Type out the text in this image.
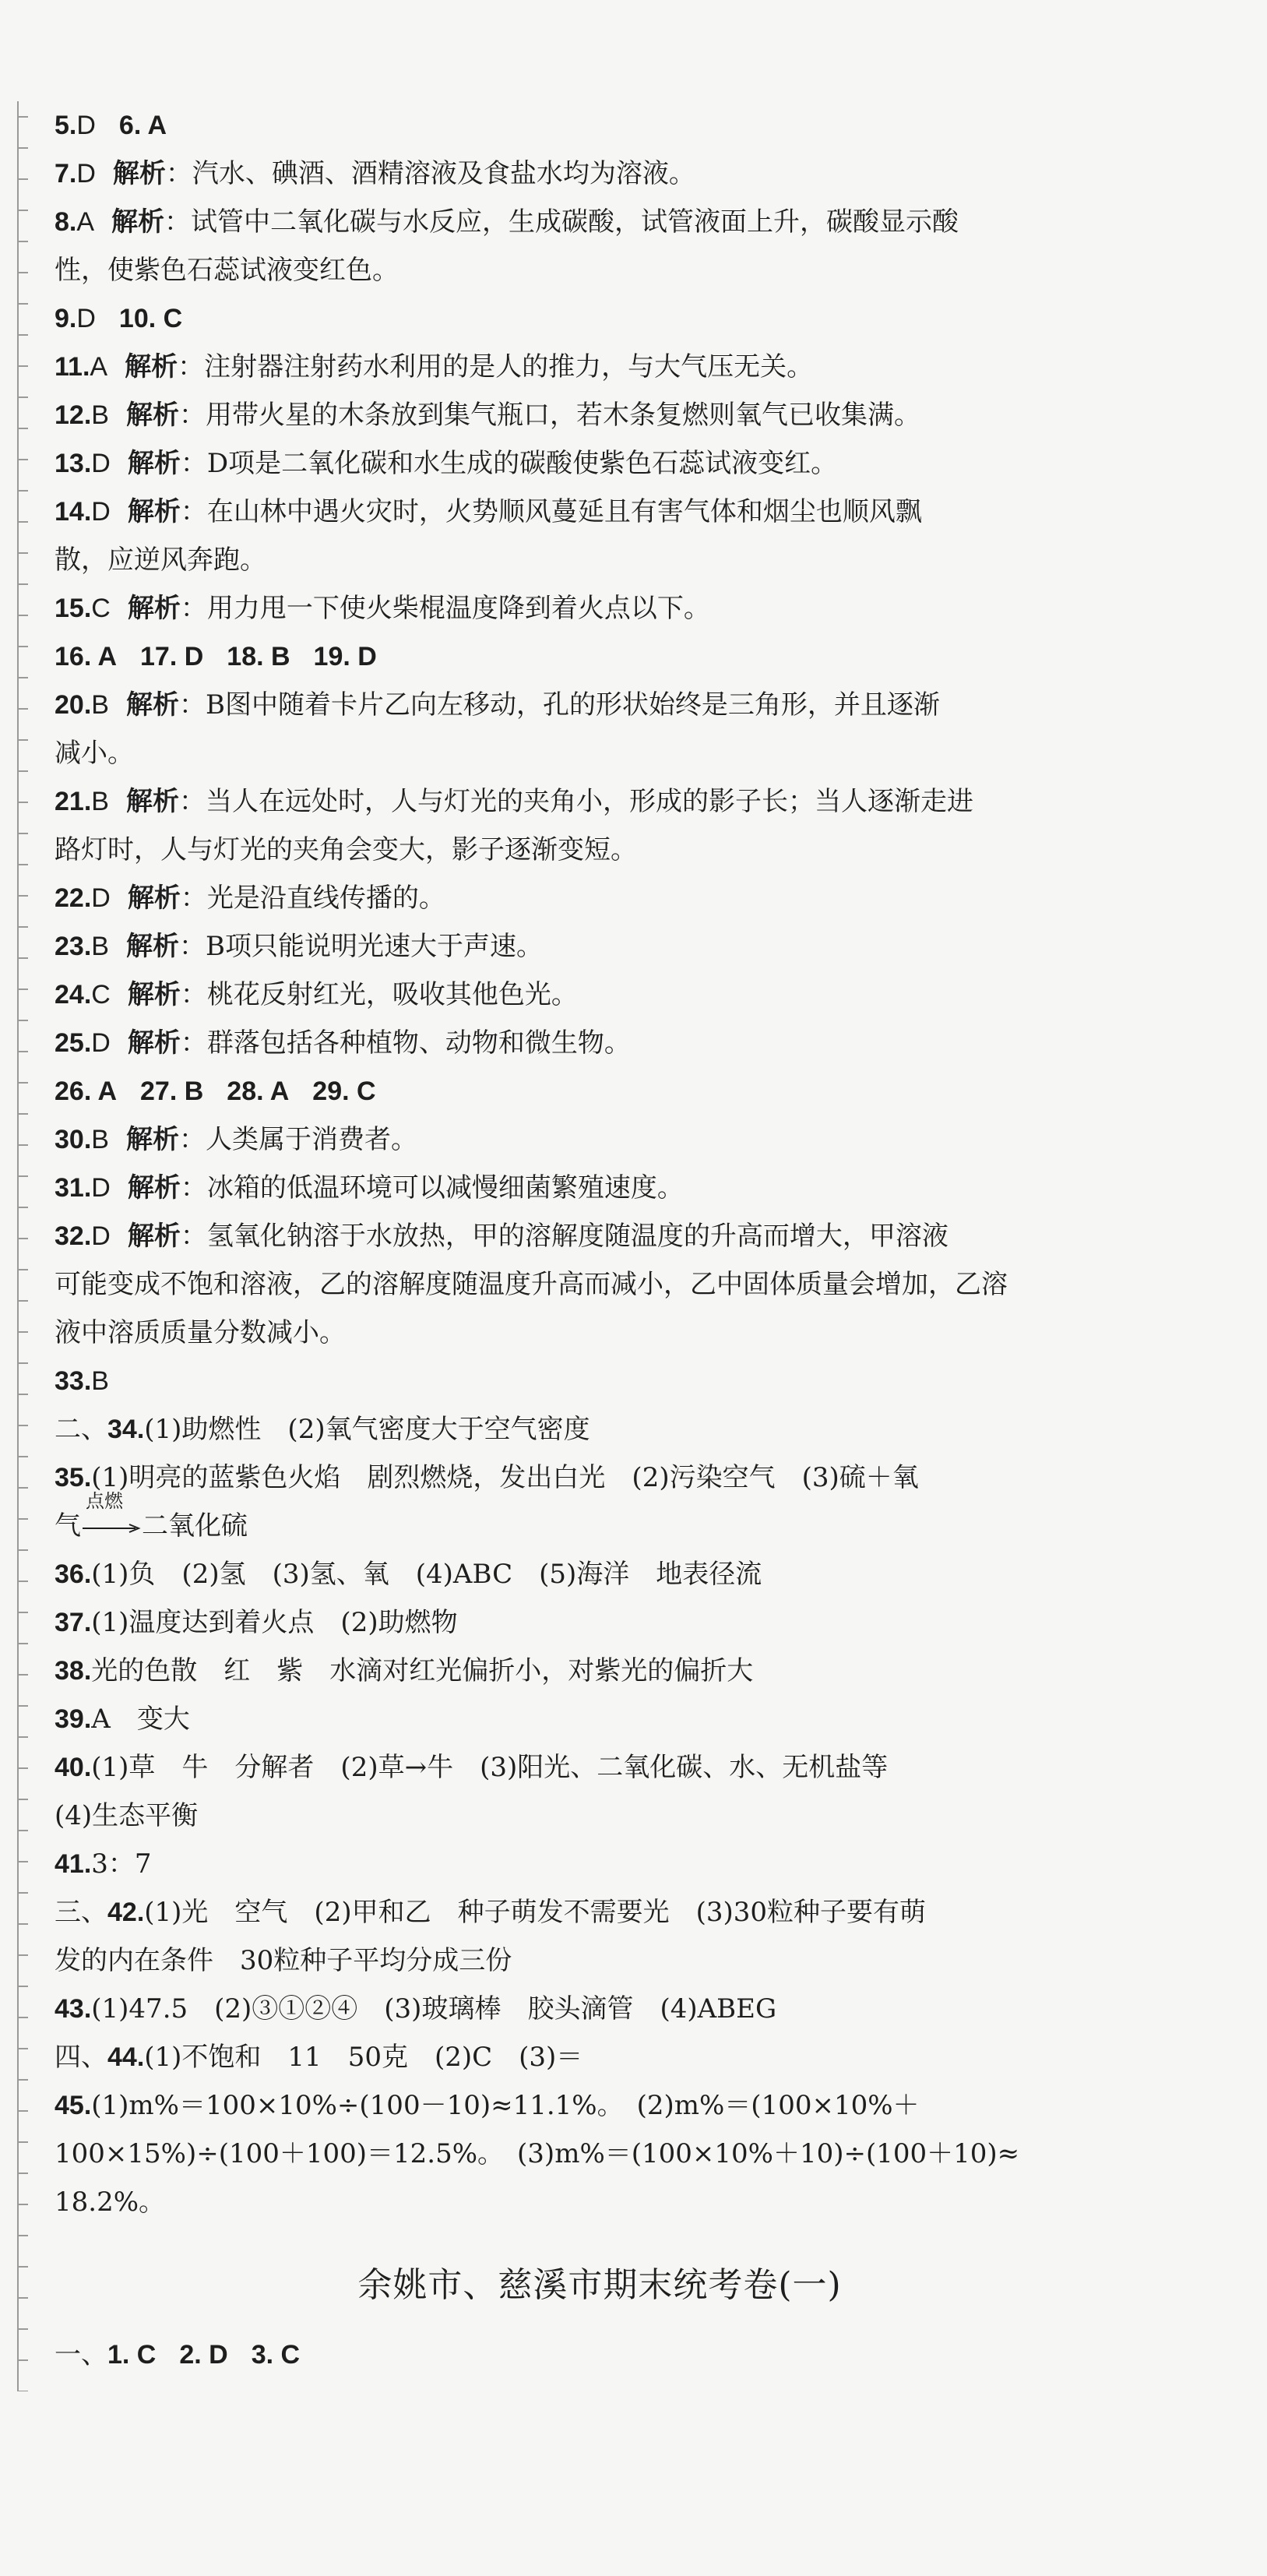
5.D 6. A
7.D 解析：汽水、碘酒、酒精溶液及食盐水均为溶液。
8.A 解析：试管中二氧化碳与水反应，生成碳酸，试管液面上升，碳酸显示酸
性，使紫色石蕊试液变红色。
9.D 10. C
11.A 解析：注射器注射药水利用的是人的推力，与大气压无关。
12.B 解析：用带火星的木条放到集气瓶口，若木条复燃则氧气已收集满。
13.D 解析：D项是二氧化碳和水生成的碳酸使紫色石蕊试液变红。
14.D 解析：在山林中遇火灾时，火势顺风蔓延且有害气体和烟尘也顺风飘
散，应逆风奔跑。
15.C 解析：用力甩一下使火柴棍温度降到着火点以下。
16. A 17. D 18. B 19. D
20.B 解析：B图中随着卡片乙向左移动，孔的形状始终是三角形，并且逐渐
减小。
21.B 解析：当人在远处时，人与灯光的夹角小，形成的影子长；当人逐渐走进
路灯时，人与灯光的夹角会变大，影子逐渐变短。
22.D 解析：光是沿直线传播的。
23.B 解析：B项只能说明光速大于声速。
24.C 解析：桃花反射红光，吸收其他色光。
25.D 解析：群落包括各种植物、动物和微生物。
26. A 27. B 28. A 29. C
30.B 解析：人类属于消费者。
31.D 解析：冰箱的低温环境可以减慢细菌繁殖速度。
32.D 解析：氢氧化钠溶于水放热，甲的溶解度随温度的升高而增大，甲溶液
可能变成不饱和溶液，乙的溶解度随温度升高而减小，乙中固体质量会增加，乙溶
液中溶质质量分数减小。
33.B
二、34.(1)助燃性　(2)氧气密度大于空气密度
35.(1)明亮的蓝紫色火焰　剧烈燃烧，发出白光　(2)污染空气　(3)硫＋氧
气
点燃
二氧化硫
36.(1)负　(2)氢　(3)氢、氧　(4)ABC　(5)海洋　地表径流
37.(1)温度达到着火点　(2)助燃物
38.光的色散　红　紫　水滴对红光偏折小，对紫光的偏折大
39.A　变大
40.(1)草　牛　分解者　(2)草→牛　(3)阳光、二氧化碳、水、无机盐等
(4)生态平衡
41.3：7
三、42.(1)光　空气　(2)甲和乙　种子萌发不需要光　(3)30粒种子要有萌
发的内在条件　30粒种子平均分成三份
43.(1)47.5　(2)③①②④　(3)玻璃棒　胶头滴管　(4)ABEG
四、44.(1)不饱和　11　50克　(2)C　(3)＝
45.(1)m%＝100×10%÷(100－10)≈11.1%。　(2)m%＝(100×10%＋
100×15%)÷(100＋100)＝12.5%。　(3)m%＝(100×10%＋10)÷(100＋10)≈
18.2%。
余姚市、慈溪市期末统考卷(一)
一、1. C 2. D 3. C
